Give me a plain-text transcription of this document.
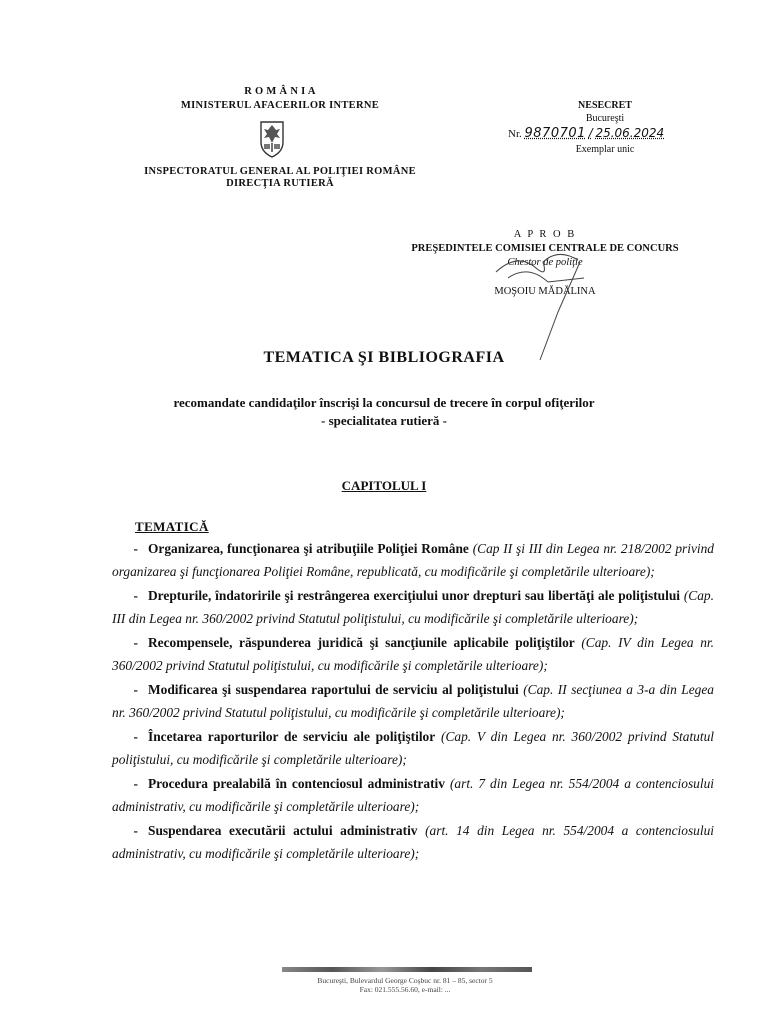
R O M Â N I A
MINISTERUL AFACERILOR INTERNE
INSPECTORATUL GENERAL AL POLIŢIEI ROMÂNE
DIRECŢIA RUTIERĂ
NESECRET
Bucureşti
Nr. 9870701 / 25.06.2024
Exemplar unic
A P R O B
PREŞEDINTELE COMISIEI CENTRALE DE CONCURS
Chestor de poliţie
MOŞOIU MĂDĂLINA
TEMATICA ŞI BIBLIOGRAFIA
recomandate candidaţilor înscrişi la concursul de trecere în corpul ofiţerilor
- specialitatea rutieră -
CAPITOLUL I
TEMATICĂ

- Organizarea, funcţionarea şi atribuţiile Poliţiei Române (Cap II şi III din Legea nr. 218/2002 privind organizarea şi funcţionarea Poliţiei Române, republicată, cu modificările şi completările ulterioare);

- Drepturile, îndatoririle şi restrângerea exerciţiului unor drepturi sau libertăţi ale poliţistului (Cap. III din Legea nr. 360/2002 privind Statutul poliţistului, cu modificările şi completările ulterioare);

- Recompensele, răspunderea juridică şi sancţiunile aplicabile poliţiştilor (Cap. IV din Legea nr. 360/2002 privind Statutul poliţistului, cu modificările şi completările ulterioare);

- Modificarea şi suspendarea raportului de serviciu al poliţistului (Cap. II secţiunea a 3-a din Legea nr. 360/2002 privind Statutul poliţistului, cu modificările şi completările ulterioare);

- Încetarea raporturilor de serviciu ale poliţiştilor (Cap. V din Legea nr. 360/2002 privind Statutul poliţistului, cu modificările şi completările ulterioare);

- Procedura prealabilă în contenciosul administrativ (art. 7 din Legea nr. 554/2004 a contenciosului administrativ, cu modificările şi completările ulterioare);

- Suspendarea executării actului administrativ (art. 14 din Legea nr. 554/2004 a contenciosului administrativ, cu modificările şi completările ulterioare);

Bucureşti, Bulevardul George Coşbuc nr. 81 – 85, sector 5
Fax: 021.555.56.60, e-mail: ...
